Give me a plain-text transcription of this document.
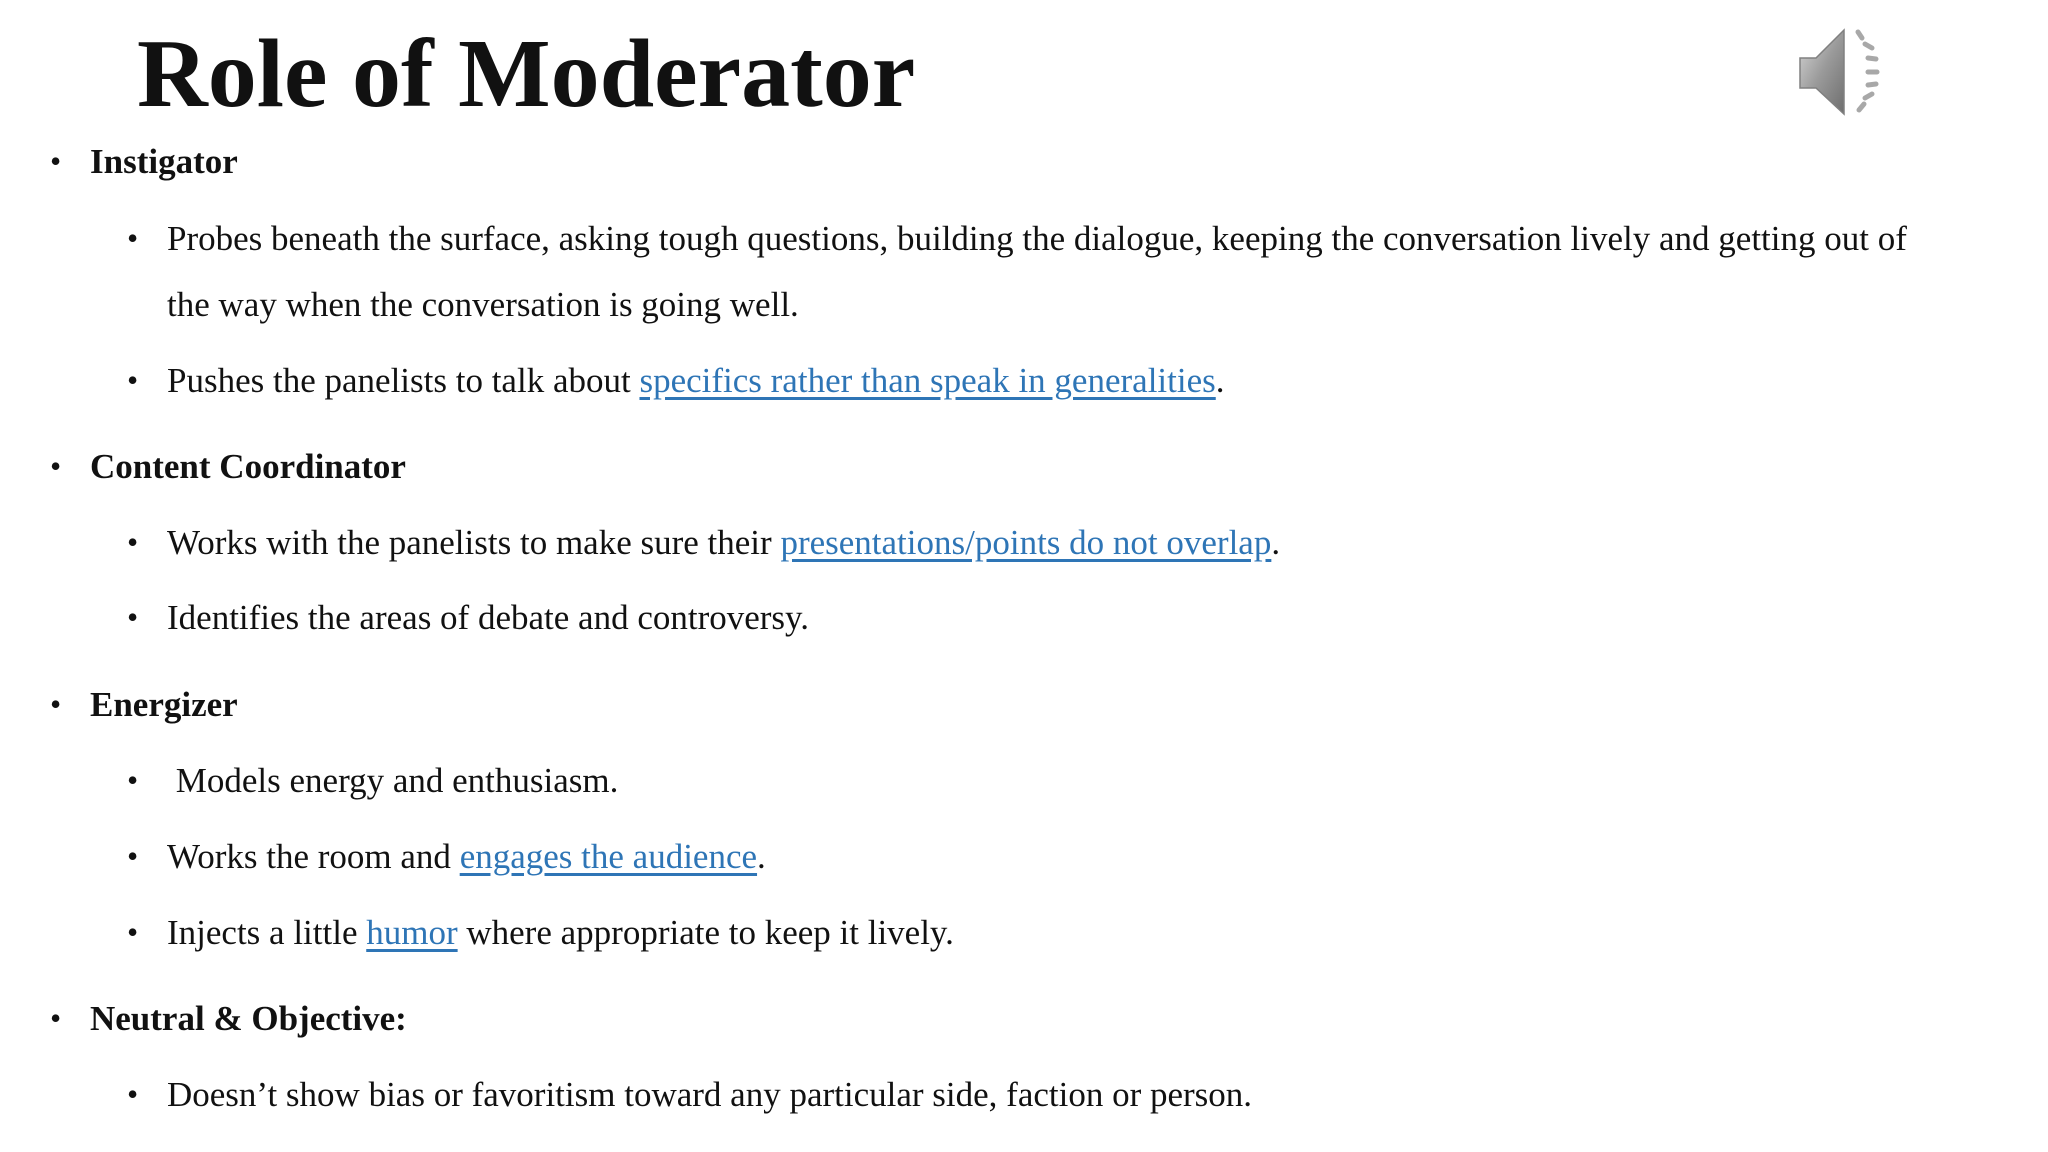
Role of Moderator
• Instigator
• Probes beneath the surface, asking tough questions, building the dialogue, keeping the conversation lively and getting out of
the way when the conversation is going well.
• Pushes the panelists to talk about specifics rather than speak in generalities.
• Content Coordinator
• Works with the panelists to make sure their presentations/points do not overlap.
• Identifies the areas of debate and controversy.
• Energizer
• Models energy and enthusiasm.
• Works the room and engages the audience.
• Injects a little humor where appropriate to keep it lively.
• Neutral & Objective:
• Doesn’t show bias or favoritism toward any particular side, faction or person.
